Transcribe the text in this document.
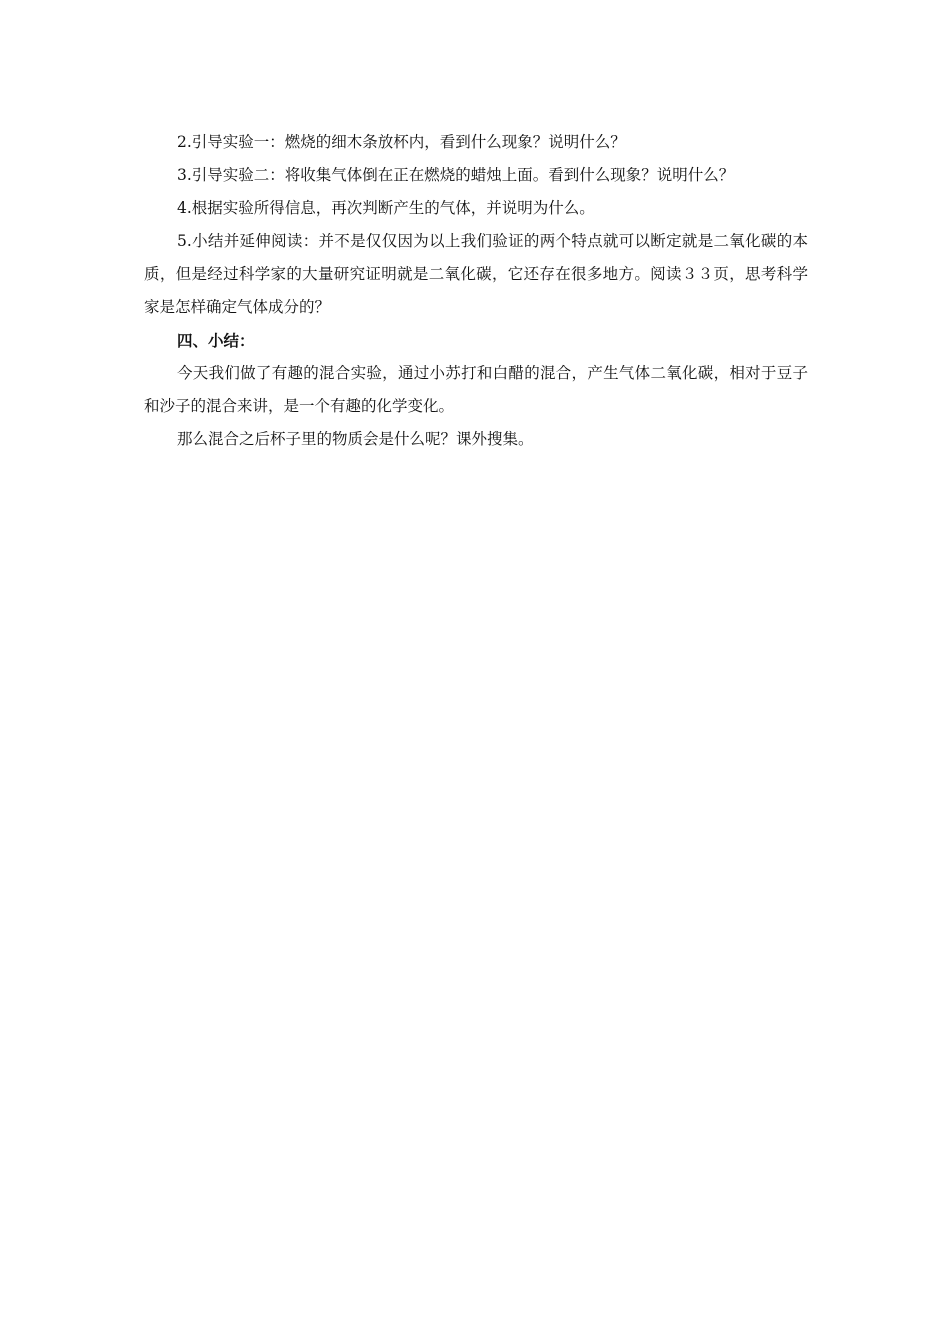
2.引导实验一：燃烧的细木条放杯内，看到什么现象？说明什么？

3.引导实验二：将收集气体倒在正在燃烧的蜡烛上面。看到什么现象？说明什么？

4.根据实验所得信息，再次判断产生的气体，并说明为什么。

5.小结并延伸阅读：并不是仅仅因为以上我们验证的两个特点就可以断定就是二氧化碳的本质，但是经过科学家的大量研究证明就是二氧化碳，它还存在很多地方。阅读３３页，思考科学家是怎样确定气体成分的？

四、小结：

今天我们做了有趣的混合实验，通过小苏打和白醋的混合，产生气体二氧化碳，相对于豆子和沙子的混合来讲，是一个有趣的化学变化。

那么混合之后杯子里的物质会是什么呢？课外搜集。
